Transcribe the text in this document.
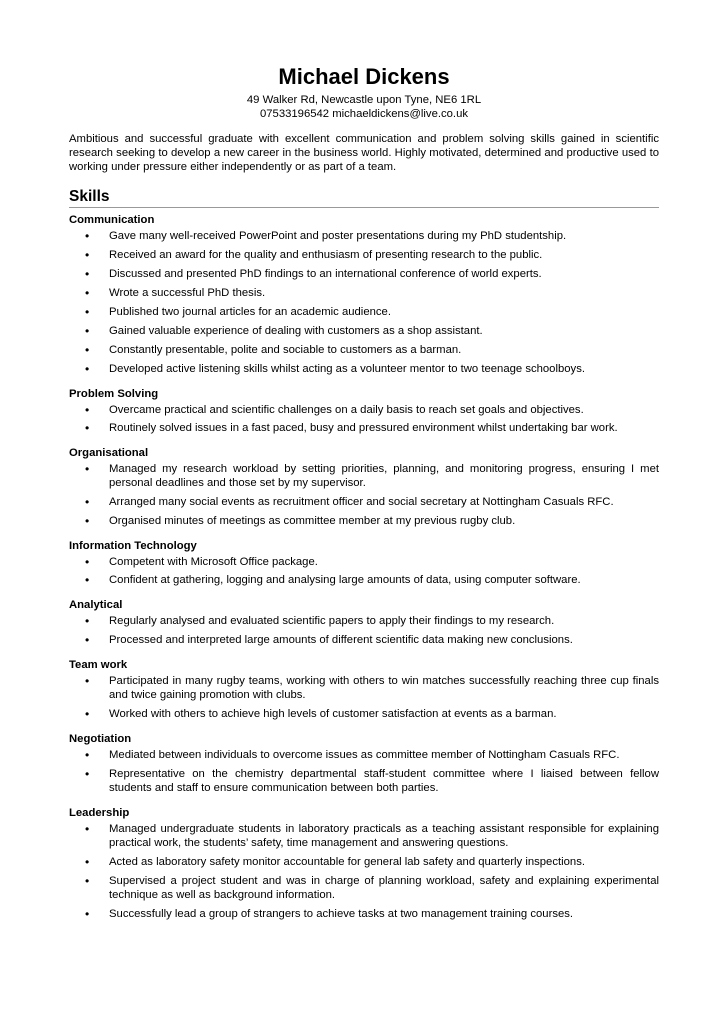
Michael Dickens
49 Walker Rd, Newcastle upon Tyne, NE6 1RL
07533196542 michaeldickens@live.co.uk
Ambitious and successful graduate with excellent communication and problem solving skills gained in scientific research seeking to develop a new career in the business world. Highly motivated, determined and productive used to working under pressure either independently or as part of a team.
Skills
Communication
• Gave many well-received PowerPoint and poster presentations during my PhD studentship.
• Received an award for the quality and enthusiasm of presenting research to the public.
• Discussed and presented PhD findings to an international conference of world experts.
• Wrote a successful PhD thesis.
• Published two journal articles for an academic audience.
• Gained valuable experience of dealing with customers as a shop assistant.
• Constantly presentable, polite and sociable to customers as a barman.
• Developed active listening skills whilst acting as a volunteer mentor to two teenage schoolboys.
Problem Solving
• Overcame practical and scientific challenges on a daily basis to reach set goals and objectives.
• Routinely solved issues in a fast paced, busy and pressured environment whilst undertaking bar work.
Organisational
• Managed my research workload by setting priorities, planning, and monitoring progress, ensuring I met personal deadlines and those set by my supervisor.
• Arranged many social events as recruitment officer and social secretary at Nottingham Casuals RFC.
• Organised minutes of meetings as committee member at my previous rugby club.
Information Technology
• Competent with Microsoft Office package.
• Confident at gathering, logging and analysing large amounts of data, using computer software.
Analytical
• Regularly analysed and evaluated scientific papers to apply their findings to my research.
• Processed and interpreted large amounts of different scientific data making new conclusions.
Team work
• Participated in many rugby teams, working with others to win matches successfully reaching three cup finals and twice gaining promotion with clubs.
• Worked with others to achieve high levels of customer satisfaction at events as a barman.
Negotiation
• Mediated between individuals to overcome issues as committee member of Nottingham Casuals RFC.
• Representative on the chemistry departmental staff-student committee where I liaised between fellow students and staff to ensure communication between both parties.
Leadership
• Managed undergraduate students in laboratory practicals as a teaching assistant responsible for explaining practical work, the students’ safety, time management and answering questions.
• Acted as laboratory safety monitor accountable for general lab safety and quarterly inspections.
• Supervised a project student and was in charge of planning workload, safety and explaining experimental technique as well as background information.
• Successfully lead a group of strangers to achieve tasks at two management training courses.
